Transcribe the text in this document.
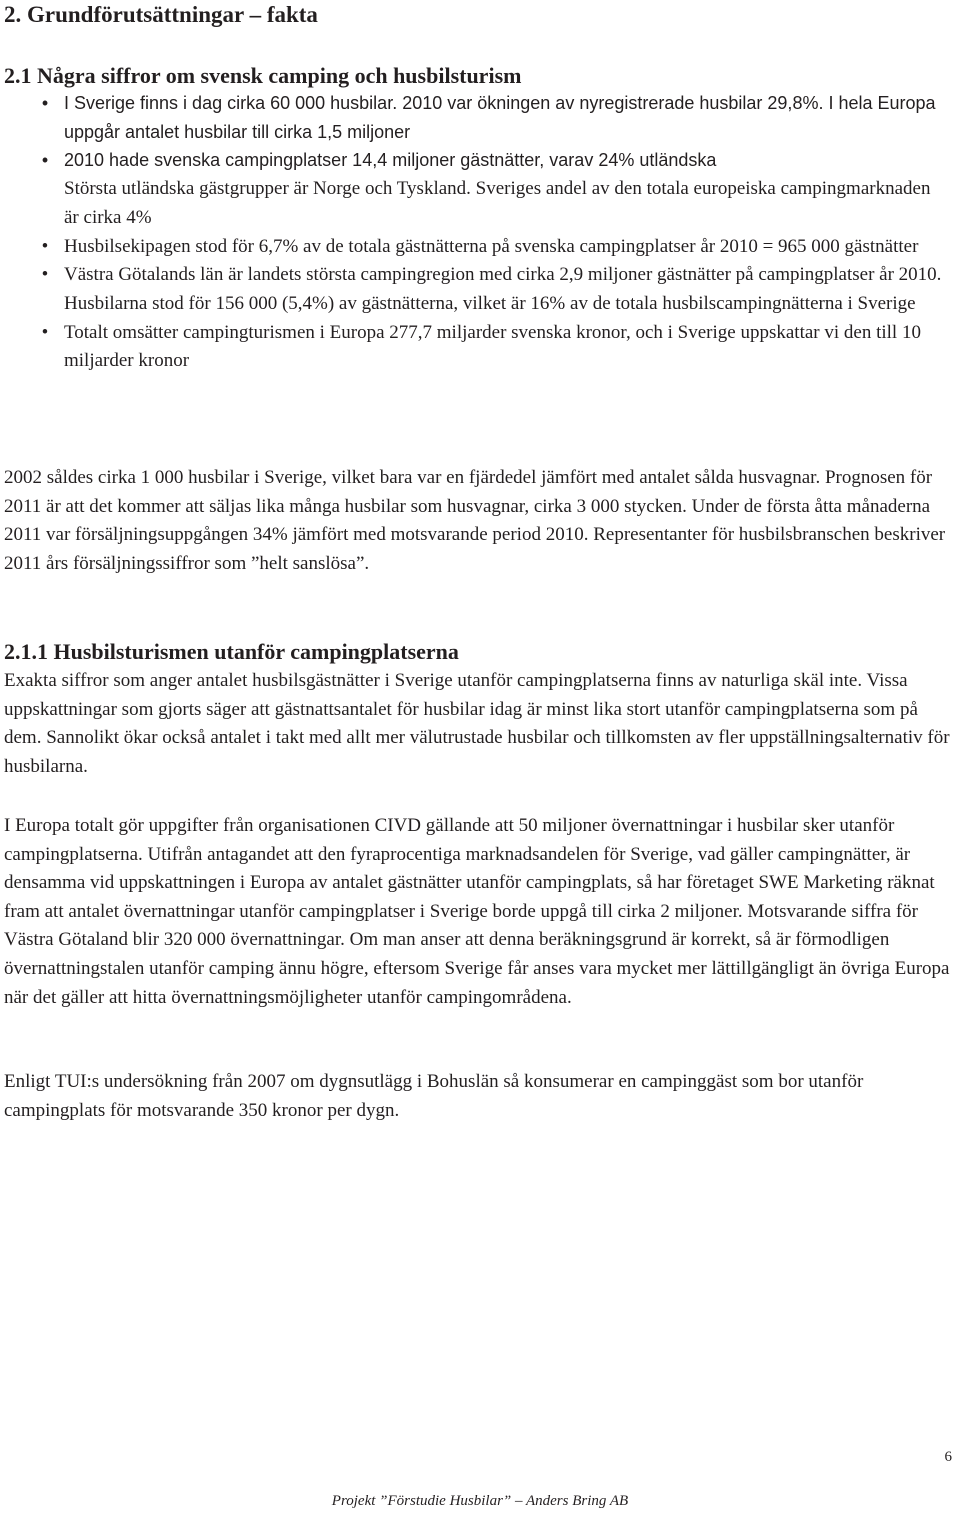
2. Grundförutsättningar – fakta
2.1 Några siffror om svensk camping och husbilsturism
• I Sverige finns i dag cirka 60 000 husbilar. 2010 var ökningen av nyregistrerade husbilar 29,8%. I hela Europa uppgår antalet husbilar till cirka 1,5 miljoner
• 2010 hade svenska campingplatser 14,4 miljoner gästnätter, varav 24% utländska
Största utländska gästgrupper är Norge och Tyskland. Sveriges andel av den totala europeiska campingmarknaden är cirka 4%
• Husbilsekipagen stod för 6,7% av de totala gästnätterna på svenska campingplatser år 2010 = 965 000 gästnätter
• Västra Götalands län är landets största campingregion med cirka 2,9 miljoner gästnätter på campingplatser år 2010. Husbilarna stod för 156 000 (5,4%) av gästnätterna, vilket är 16% av de totala husbilscampingnätterna i Sverige
• Totalt omsätter campingturismen i Europa 277,7 miljarder svenska kronor, och i Sverige uppskattar vi den till 10 miljarder kronor

2002 såldes cirka 1 000 husbilar i Sverige, vilket bara var en fjärdedel jämfört med antalet sålda husvagnar. Prognosen för 2011 är att det kommer att säljas lika många husbilar som husvagnar, cirka 3 000 stycken. Under de första åtta månaderna 2011 var försäljningsuppgången 34% jämfört med motsvarande period 2010. Representanter för husbilsbranschen beskriver 2011 års försäljningssiffror som ”helt sanslösa”.

2.1.1 Husbilsturismen utanför campingplatserna

Exakta siffror som anger antalet husbilsgästnätter i Sverige utanför campingplatserna finns av naturliga skäl inte. Vissa uppskattningar som gjorts säger att gästnattsantalet för husbilar idag är minst lika stort utanför campingplatserna som på dem. Sannolikt ökar också antalet i takt med allt mer välutrustade husbilar och tillkomsten av fler uppställningsalternativ för husbilarna.

I Europa totalt gör uppgifter från organisationen CIVD gällande att 50 miljoner övernattningar i husbilar sker utanför campingplatserna. Utifrån antagandet att den fyraprocentiga marknadsandelen för Sverige, vad gäller campingnätter, är densamma vid uppskattningen i Europa av antalet gästnätter utanför campingplats, så har företaget SWE Marketing räknat fram att antalet övernattningar utanför campingplatser i Sverige borde uppgå till cirka 2 miljoner. Motsvarande siffra för Västra Götaland blir 320 000 övernattningar. Om man anser att denna beräkningsgrund är korrekt, så är förmodligen övernattningstalen utanför camping ännu högre, eftersom Sverige får anses vara mycket mer lättillgängligt än övriga Europa när det gäller att hitta övernattningsmöjligheter utanför campingområdena.

Enligt TUI:s undersökning från 2007 om dygnsutlägg i Bohuslän så konsumerar en campinggäst som bor utanför campingplats för motsvarande 350 kronor per dygn.

6
Projekt ”Förstudie Husbilar” – Anders Bring AB
